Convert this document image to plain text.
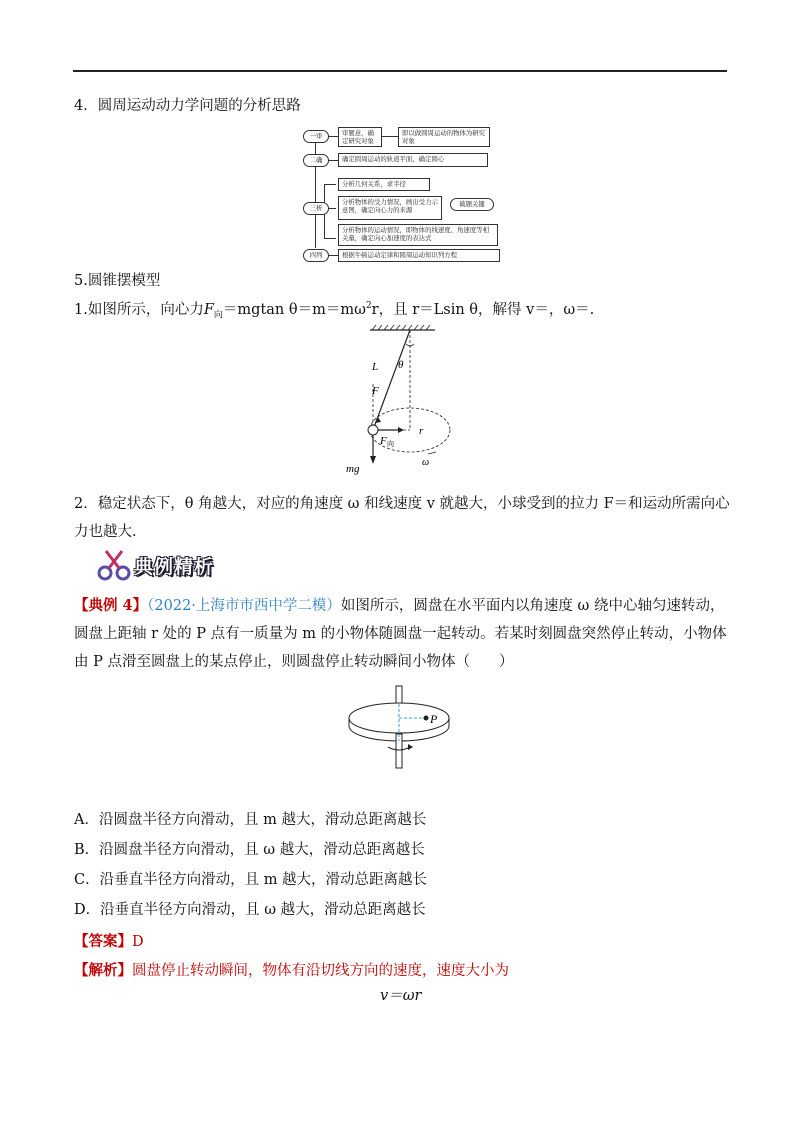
4．圆周运动动力学问题的分析思路
一审
二确
三析
四列
审题意，确定研究对象
即以做圆周运动的物体为研究对象
确定圆周运动的轨道平面，确定圆心
分析几何关系，求半径
分析物体的受力情况，画出受力示意图，确定向心力的来源
破题关键
分析物体的运动情况，即物体的线速度、角速度等相关量，确定向心加速度的表达式
根据牛顿运动定律和圆周运动知识列方程
5.圆锥摆模型
1.如图所示，向心力$F_向=mgtan$ $\theta=m=m\omega^2r$，且 r＝Lsin θ，解得 v＝，ω＝.
L θ
F
r
F 向
ω
mg
2．稳定状态下，θ 角越大，对应的角速度 ω 和线速度 v 就越大，小球受到的拉力 F＝和运动所需向心力也越大.
典例精析
【典例 4】（2022·上海市市西中学二模）如图所示，圆盘在水平面内以角速度 ω 绕中心轴匀速转动，圆盘上距轴 r 处的 P 点有一质量为 m 的小物体随圆盘一起转动。若某时刻圆盘突然停止转动，小物体由 P 点滑至圆盘上的某点停止，则圆盘停止转动瞬间小物体（　　）
P
A．沿圆盘半径方向滑动，且 m 越大，滑动总距离越长
B．沿圆盘半径方向滑动，且 ω 越大，滑动总距离越长
C．沿垂直半径方向滑动，且 m 越大，滑动总距离越长
D．沿垂直半径方向滑动，且 ω 越大，滑动总距离越长
【答案】D
【解析】圆盘停止转动瞬间，物体有沿切线方向的速度，速度大小为
v＝ωr
